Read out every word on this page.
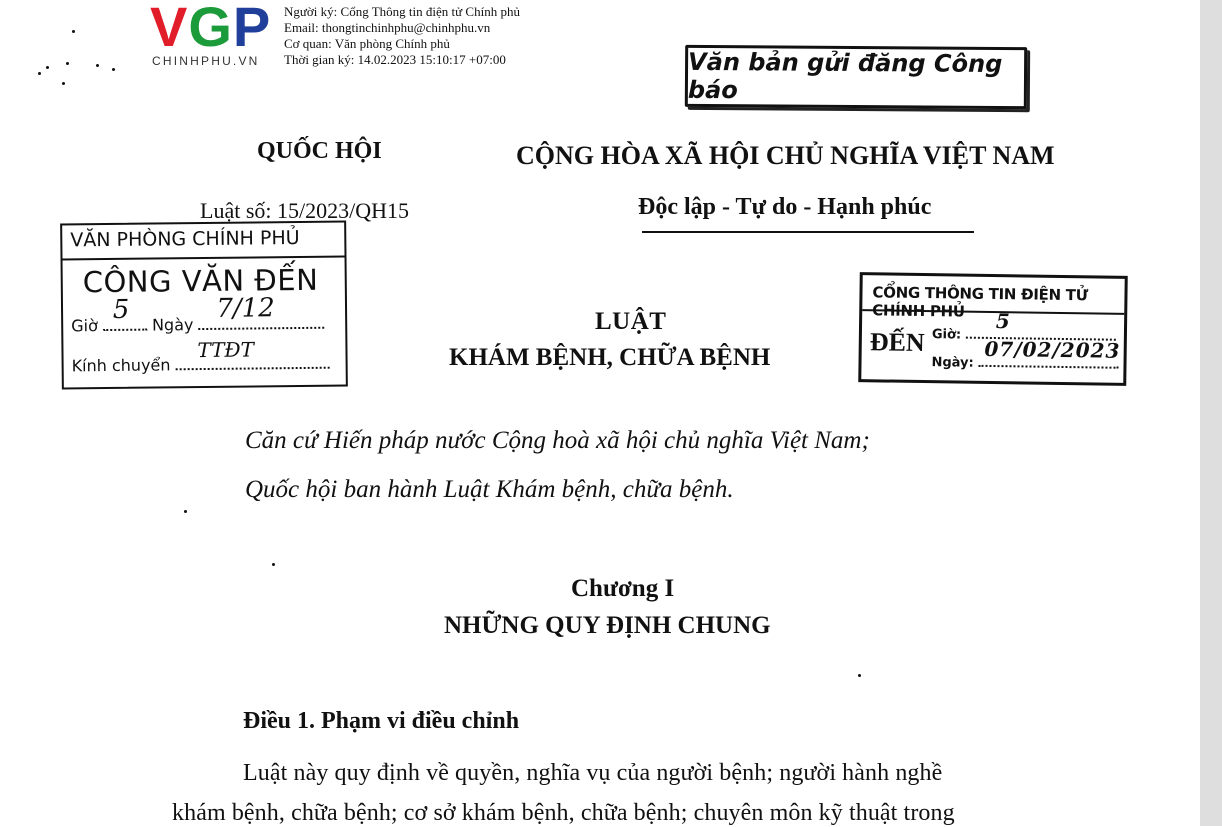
VGP
CHINHPHU.VN
Người ký: Cổng Thông tin điện tử Chính phủ
Email: thongtinchinhphu@chinhphu.vn
Cơ quan: Văn phòng Chính phủ
Thời gian ký: 14.02.2023 15:10:17 +07:00	Văn bản gửi đăng Công báo
QUỐC HỘI
Luật số: 15/2023/QH15
CỘNG HÒA XÃ HỘI CHỦ NGHĨA VIỆT NAM
Độc lập - Tự do - Hạnh phúc
VĂN PHÒNG CHÍNH PHỦ
CÔNG VĂN ĐẾN
Giờ
5 Ngày
7/12
Kính chuyển
TTĐT
CỔNG THÔNG TIN ĐIỆN TỬ CHÍNH PHỦ
ĐẾN Giờ:
5
Ngày:
07/02/2023
LUẬT
KHÁM BỆNH, CHỮA BỆNH
Căn cứ Hiến pháp nước Cộng hoà xã hội chủ nghĩa Việt Nam;
Quốc hội ban hành Luật Khám bệnh, chữa bệnh.
Chương I
NHỮNG QUY ĐỊNH CHUNG
Điều 1. Phạm vi điều chỉnh
Luật này quy định về quyền, nghĩa vụ của người bệnh; người hành nghề
khám bệnh, chữa bệnh; cơ sở khám bệnh, chữa bệnh; chuyên môn kỹ thuật trong
